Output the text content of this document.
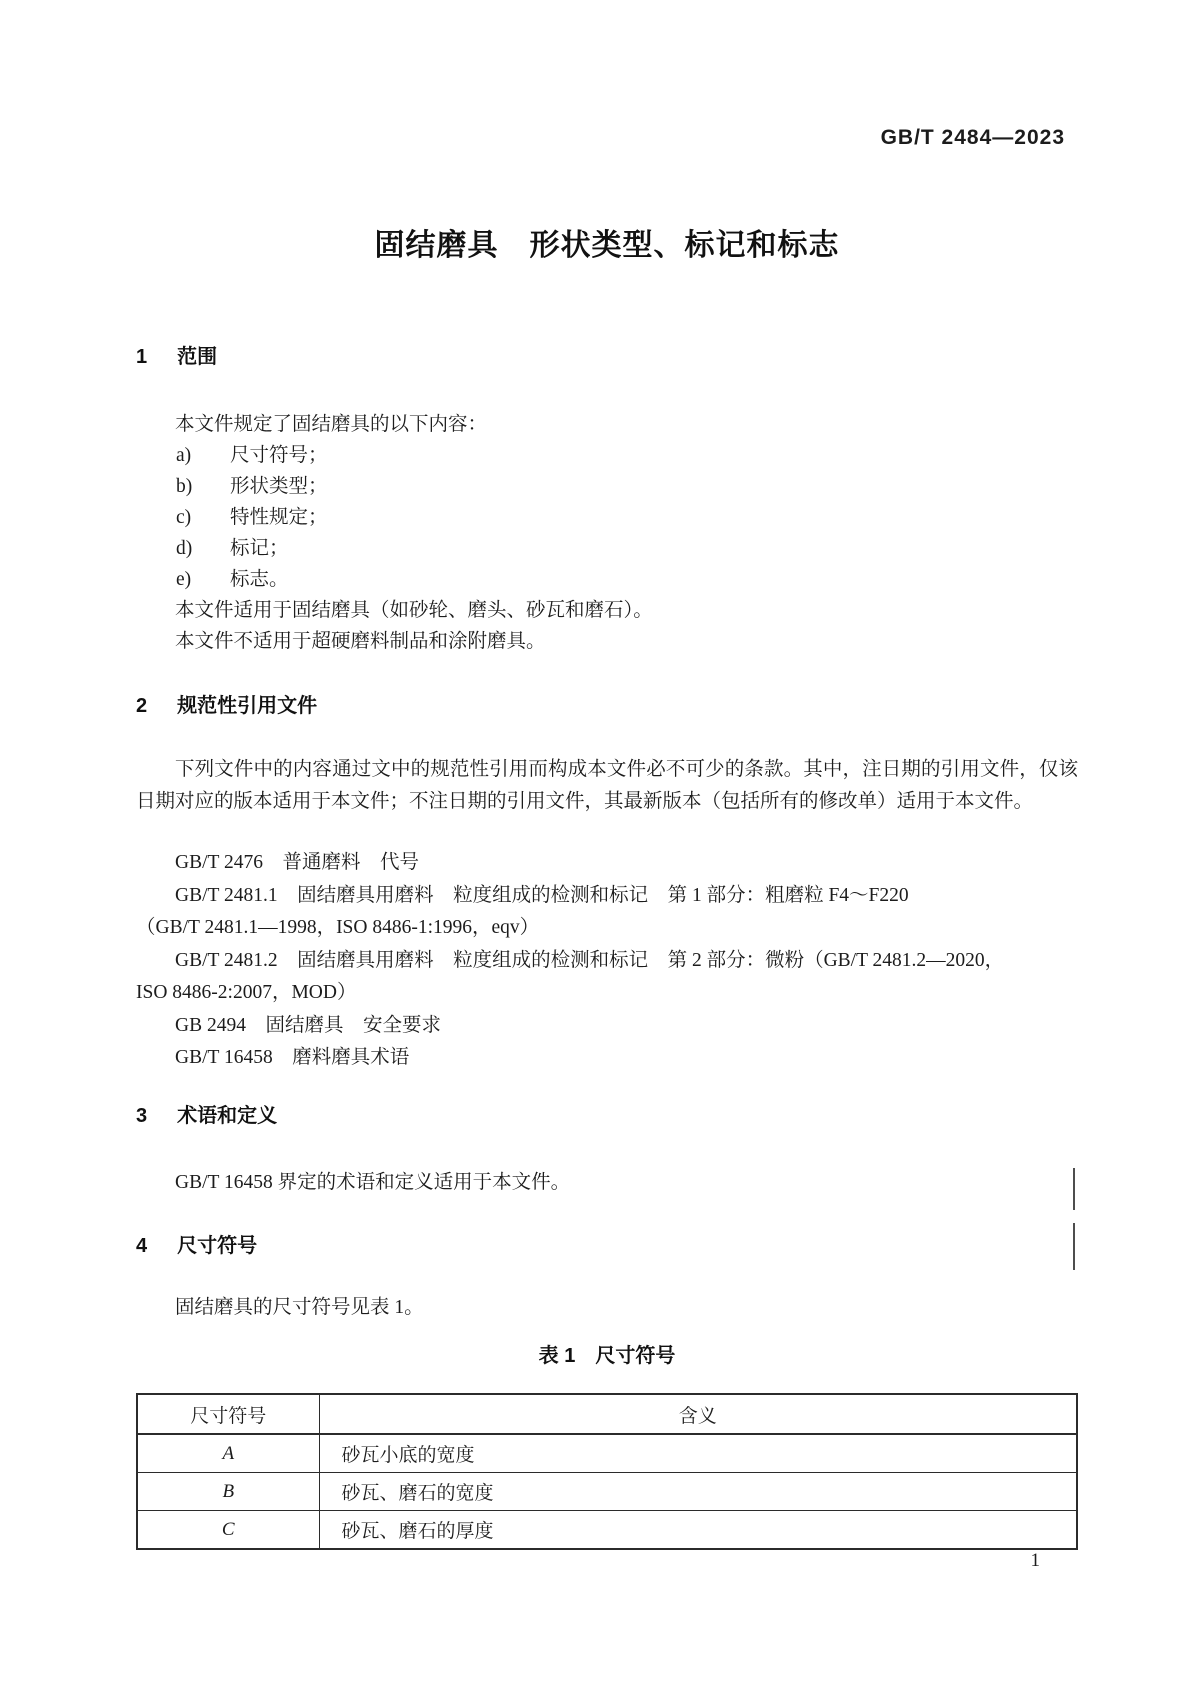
GB/T 2484—2023
固结磨具　形状类型、标记和标志
1 范围

本文件规定了固结磨具的以下内容：

a) 尺寸符号；
b) 形状类型；
c) 特性规定；
d) 标记；
e) 标志。

本文件适用于固结磨具（如砂轮、磨头、砂瓦和磨石）。

本文件不适用于超硬磨料制品和涂附磨具。

2 规范性引用文件

下列文件中的内容通过文中的规范性引用而构成本文件必不可少的条款。其中，注日期的引用文件，仅该日期对应的版本适用于本文件；不注日期的引用文件，其最新版本（包括所有的修改单）适用于本文件。

GB/T 2476　普通磨料　代号
GB/T 2481.1　固结磨具用磨料　粒度组成的检测和标记　第 1 部分：粗磨粒 F4～F220
（GB/T 2481.1—1998，ISO 8486-1:1996，eqv）
GB/T 2481.2　固结磨具用磨料　粒度组成的检测和标记　第 2 部分：微粉（GB/T 2481.2—2020，
ISO 8486-2:2007，MOD）
GB 2494　固结磨具　安全要求
GB/T 16458　磨料磨具术语
3 术语和定义

GB/T 16458 界定的术语和定义适用于本文件。

4 尺寸符号

固结磨具的尺寸符号见表 1。

表 1　尺寸符号
尺寸符号	含义
A	砂瓦小底的宽度
B	砂瓦、磨石的宽度
C	砂瓦、磨石的厚度
1
